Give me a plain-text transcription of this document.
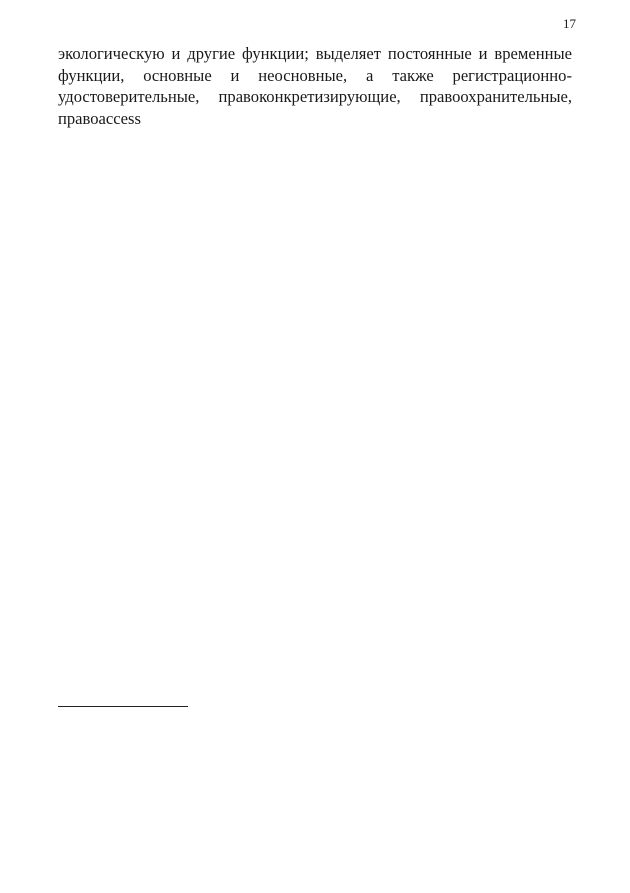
17

экологическую и другие функции; выделяет постоянные и временные функции, основные и неосновные, а также регистрационно-удостоверительные, правоконкретизирующие, правоохранительные, правоaccess
